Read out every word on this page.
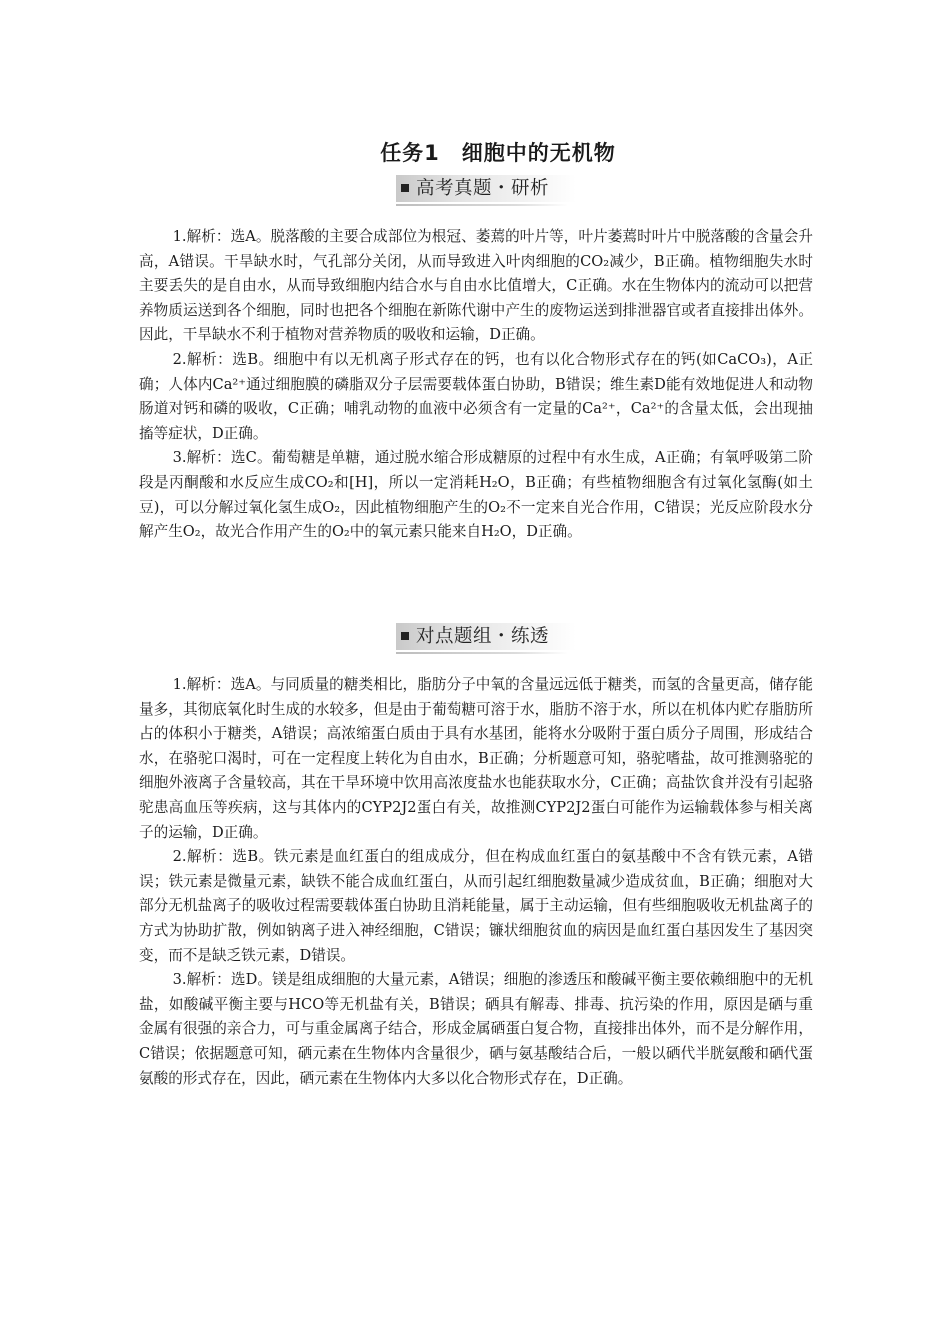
任务1　细胞中的无机物
高考真题・研析

1.解析：选A。脱落酸的主要合成部位为根冠、萎蔫的叶片等，叶片萎蔫时叶片中脱落酸的含量会升高，A错误。干旱缺水时，气孔部分关闭，从而导致进入叶肉细胞的CO₂减少，B正确。植物细胞失水时主要丢失的是自由水，从而导致细胞内结合水与自由水比值增大，C正确。水在生物体内的流动可以把营养物质运送到各个细胞，同时也把各个细胞在新陈代谢中产生的废物运送到排泄器官或者直接排出体外。因此，干旱缺水不利于植物对营养物质的吸收和运输，D正确。

2.解析：选B。细胞中有以无机离子形式存在的钙，也有以化合物形式存在的钙(如CaCO₃)，A正确；人体内Ca²⁺通过细胞膜的磷脂双分子层需要载体蛋白协助，B错误；维生素D能有效地促进人和动物肠道对钙和磷的吸收，C正确；哺乳动物的血液中必须含有一定量的Ca²⁺，Ca²⁺的含量太低，会出现抽搐等症状，D正确。

3.解析：选C。葡萄糖是单糖，通过脱水缩合形成糖原的过程中有水生成，A正确；有氧呼吸第二阶段是丙酮酸和水反应生成CO₂和[H]，所以一定消耗H₂O，B正确；有些植物细胞含有过氧化氢酶(如土豆)，可以分解过氧化氢生成O₂，因此植物细胞产生的O₂不一定来自光合作用，C错误；光反应阶段水分解产生O₂，故光合作用产生的O₂中的氧元素只能来自H₂O，D正确。

对点题组・练透

1.解析：选A。与同质量的糖类相比，脂肪分子中氧的含量远远低于糖类，而氢的含量更高，储存能量多，其彻底氧化时生成的水较多，但是由于葡萄糖可溶于水，脂肪不溶于水，所以在机体内贮存脂肪所占的体积小于糖类，A错误；高浓缩蛋白质由于具有水基团，能将水分吸附于蛋白质分子周围，形成结合水，在骆驼口渴时，可在一定程度上转化为自由水，B正确；分析题意可知，骆驼嗜盐，故可推测骆驼的细胞外液离子含量较高，其在干旱环境中饮用高浓度盐水也能获取水分，C正确；高盐饮食并没有引起骆驼患高血压等疾病，这与其体内的CYP2J2蛋白有关，故推测CYP2J2蛋白可能作为运输载体参与相关离子的运输，D正确。

2.解析：选B。铁元素是血红蛋白的组成成分，但在构成血红蛋白的氨基酸中不含有铁元素，A错误；铁元素是微量元素，缺铁不能合成血红蛋白，从而引起红细胞数量减少造成贫血，B正确；细胞对大部分无机盐离子的吸收过程需要载体蛋白协助且消耗能量，属于主动运输，但有些细胞吸收无机盐离子的方式为协助扩散，例如钠离子进入神经细胞，C错误；镰状细胞贫血的病因是血红蛋白基因发生了基因突变，而不是缺乏铁元素，D错误。

3.解析：选D。镁是组成细胞的大量元素，A错误；细胞的渗透压和酸碱平衡主要依赖细胞中的无机盐，如酸碱平衡主要与HCO等无机盐有关，B错误；硒具有解毒、排毒、抗污染的作用，原因是硒与重金属有很强的亲合力，可与重金属离子结合，形成金属硒蛋白复合物，直接排出体外，而不是分解作用，C错误；依据题意可知，硒元素在生物体内含量很少，硒与氨基酸结合后，一般以硒代半胱氨酸和硒代蛋氨酸的形式存在，因此，硒元素在生物体内大多以化合物形式存在，D正确。
